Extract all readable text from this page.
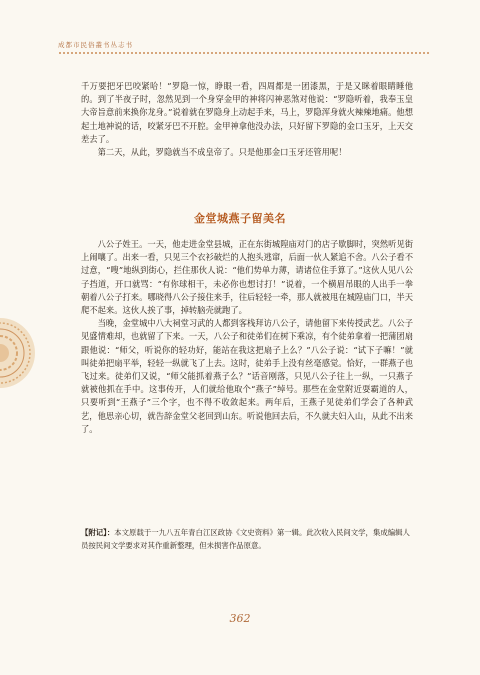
成都市民俗叢书丛志书

千万要把牙巴咬紧哈！”罗隐一惊，睁眼一看，四周都是一团漆黑，于是又眯着眼睛睡他的。到了半夜子时，忽然见到一个身穿金甲的神将闪神恶煞对他说：“罗隐听着，我奉玉皇大帝旨意前来换你龙身。”说着就在罗隐身上动起手来，马上，罗隐浑身就火辣辣地痛。他想起土地神说的话，咬紧牙巴不开腔。金甲神拿他没办法，只好留下罗隐的金口玉牙，上天交差去了。

第二天，从此，罗隐就当不成皇帝了。只是他那金口玉牙还管用呢！

金堂城燕子留美名

八公子姓王。一天，他走进金堂县城，正在东街城隍庙对门的店子歇脚时，突然听见街上闹嚷了。出来一看，只见三个衣衫破烂的人抱头逃窜，后面一伙人紧追不舍。八公子看不过意，“嗖”地纵到街心，拦住那伙人说：“他们势单力薄，请诸位住手算了。”这伙人见八公子挡道，开口就骂：“有你球相干，未必你也想讨打！”说着，一个横眉吊眼的人出手一拳朝着八公子打来。哪晓得八公子接住来手，往后轻轻一牵，那人就被甩在城隍庙门口，半天爬不起来。这伙人挨了事，掉转脑壳就跑了。

当晚，金堂城中八大祠堂习武的人都到客栈拜访八公子，请他留下来传授武艺。八公子见盛情难却，也就留了下来。一天，八公子和徒弟们在树下乘凉，有个徒弟拿着一把蒲团扇跟他说：“师父，听说你的轻功好，能站在我这把扇子上么？”八公子说：“试下子嘛！”就叫徒弟把扇平举，轻轻一纵就飞了上去。这时，徒弟手上没有丝毫感觉。恰好，一群燕子也飞过来。徒弟们又说，“师父能抓着燕子么？”话音刚落，只见八公子往上一纵，一只燕子就被他抓在手中。这事传开，人们就给他取个“燕子”绰号。那些在金堂附近耍霸道的人，只要听到“王燕子”三个字，也不得不收敛起来。两年后，王燕子见徒弟们学会了各种武艺，他思亲心切，就告辞金堂父老回到山东。听说他回去后，不久就夫妇入山，从此不出来了。

【附记】：本文原载于一九八五年青白江区政协《文史资料》第一辑。此次收入民间文学，集成编辑人员按民间文学要求对其作重新整理，但未损害作品原意。
362
